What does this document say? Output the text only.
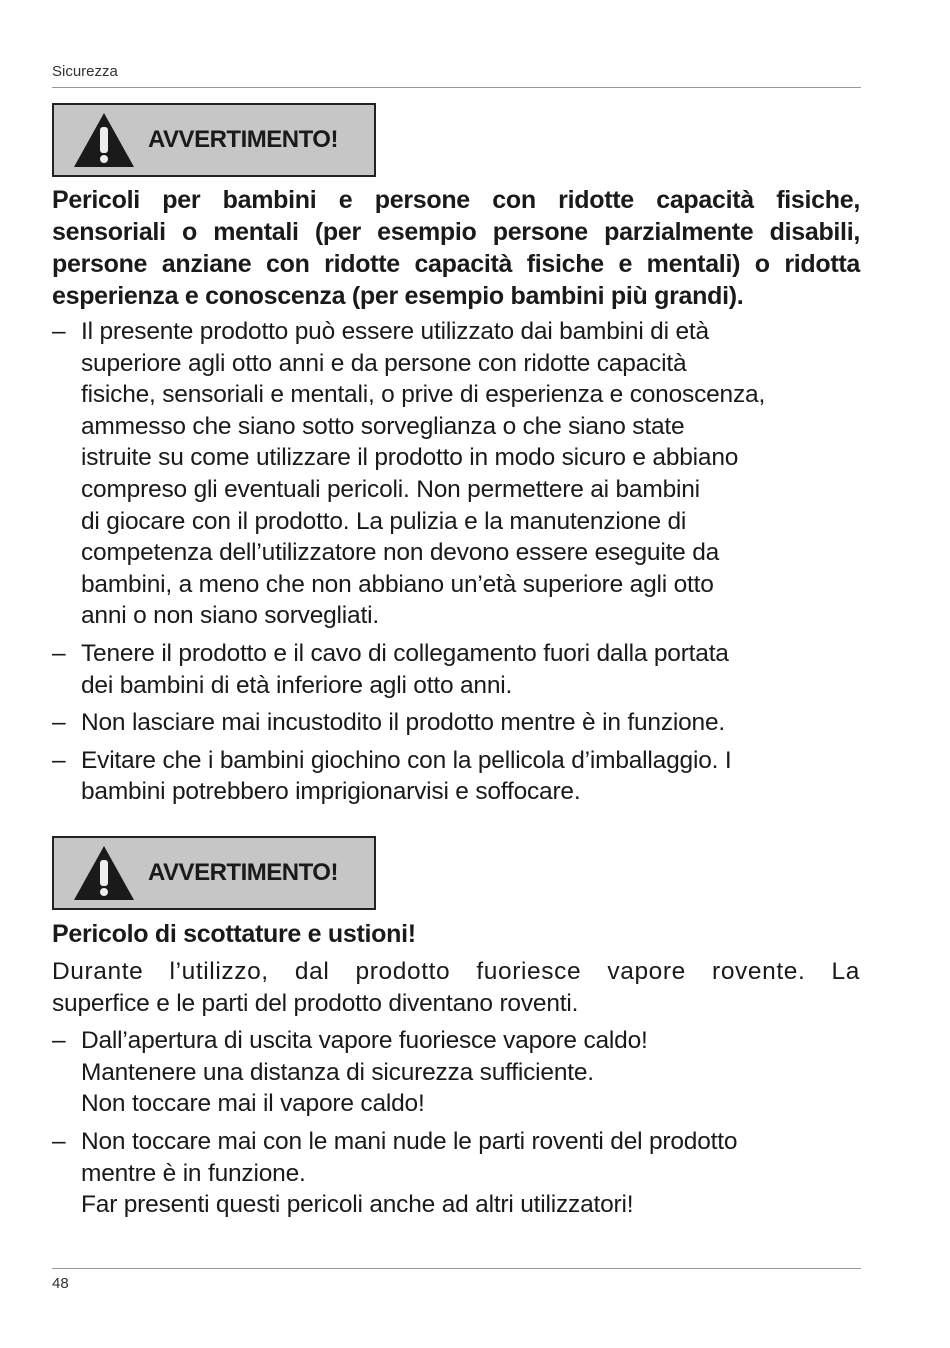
Sicurezza
AVVERTIMENTO!
Pericoli per bambini e persone con ridotte capacità fisiche,
sensoriali o mentali (per esempio persone parzialmente disabili,
persone anziane con ridotte capacità fisiche e mentali) o ridotta
esperienza e conoscenza (per esempio bambini più grandi).
– Il presente prodotto può essere utilizzato dai bambini di età
superiore agli otto anni e da persone con ridotte capacità
fisiche, sensoriali e mentali, o prive di esperienza e conoscenza,
ammesso che siano sotto sorveglianza o che siano state
istruite su come utilizzare il prodotto in modo sicuro e abbiano
compreso gli eventuali pericoli. Non permettere ai bambini
di giocare con il prodotto. La pulizia e la manutenzione di
competenza dell’utilizzatore non devono essere eseguite da
bambini, a meno che non abbiano un’età superiore agli otto
anni o non siano sorvegliati.
– Tenere il prodotto e il cavo di collegamento fuori dalla portata
dei bambini di età inferiore agli otto anni.
– Non lasciare mai incustodito il prodotto mentre è in funzione.
– Evitare che i bambini giochino con la pellicola d’imballaggio. I
bambini potrebbero imprigionarvisi e soffocare.
AVVERTIMENTO!
Pericolo di scottature e ustioni!
Durante l’utilizzo, dal prodotto fuoriesce vapore rovente. La
superfice e le parti del prodotto diventano roventi.
– Dall’apertura di uscita vapore fuoriesce vapore caldo!
Mantenere una distanza di sicurezza sufficiente.
Non toccare mai il vapore caldo!
– Non toccare mai con le mani nude le parti roventi del prodotto
mentre è in funzione.
Far presenti questi pericoli anche ad altri utilizzatori!
48
